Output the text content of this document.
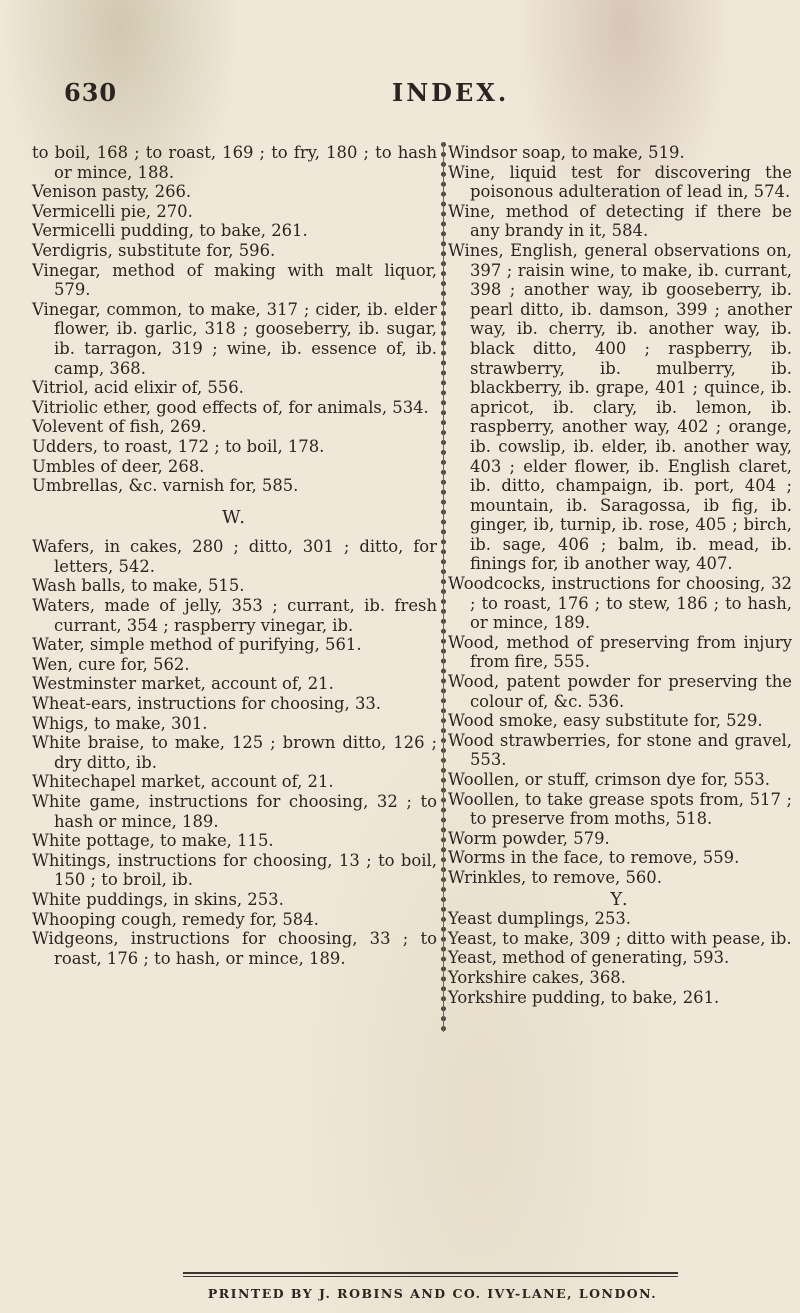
630	INDEX.

to boil, 168 ; to roast, 169 ; to fry, 180 ; to hash or mince, 188.

Venison pasty, 266.

Vermicelli pie, 270.

Vermicelli pudding, to bake, 261.

Verdigris, substitute for, 596.

Vinegar, method of making with malt liquor, 579.

Vinegar, common, to make, 317 ; cider, ib. elder flower, ib. garlic, 318 ; gooseberry, ib. sugar, ib. tarragon, 319 ; wine, ib. essence of, ib. camp, 368.

Vitriol, acid elixir of, 556.

Vitriolic ether, good effects of, for animals, 534.

Volevent of fish, 269.

Udders, to roast, 172 ; to boil, 178.

Umbles of deer, 268.

Umbrellas, &c. varnish for, 585.

W.

Wafers, in cakes, 280 ; ditto, 301 ; ditto, for letters, 542.

Wash balls, to make, 515.

Waters, made of jelly, 353 ; currant, ib. fresh currant, 354 ; raspberry vinegar, ib.

Water, simple method of purifying, 561.

Wen, cure for, 562.

Westminster market, account of, 21.

Wheat-ears, instructions for choosing, 33.

Whigs, to make, 301.

White braise, to make, 125 ; brown ditto, 126 ; dry ditto, ib.

Whitechapel market, account of, 21.

White game, instructions for choosing, 32 ; to hash or mince, 189.

White pottage, to make, 115.

Whitings, instructions for choosing, 13 ; to boil, 150 ; to broil, ib.

White puddings, in skins, 253.

Whooping cough, remedy for, 584.

Widgeons, instructions for choosing, 33 ; to roast, 176 ; to hash, or mince, 189.

Windsor soap, to make, 519.

Wine, liquid test for discovering the poisonous adulteration of lead in, 574.

Wine, method of detecting if there be any brandy in it, 584.

Wines, English, general observations on, 397 ; raisin wine, to make, ib. currant, 398 ; another way, ib gooseberry, ib. pearl ditto, ib. damson, 399 ; another way, ib. cherry, ib. another way, ib. black ditto, 400 ; raspberry, ib. strawberry, ib. mulberry, ib. blackberry, ib. grape, 401 ; quince, ib. apricot, ib. clary, ib. lemon, ib. raspberry, another way, 402 ; orange, ib. cowslip, ib. elder, ib. another way, 403 ; elder flower, ib. English claret, ib. ditto, champaign, ib. port, 404 ; mountain, ib. Saragossa, ib fig, ib. ginger, ib, turnip, ib. rose, 405 ; birch, ib. sage, 406 ; balm, ib. mead, ib. finings for, ib another way, 407.

Woodcocks, instructions for choosing, 32 ; to roast, 176 ; to stew, 186 ; to hash, or mince, 189.

Wood, method of preserving from injury from fire, 555.

Wood, patent powder for preserving the colour of, &c. 536.

Wood smoke, easy substitute for, 529.

Wood strawberries, for stone and gravel, 553.

Woollen, or stuff, crimson dye for, 553.

Woollen, to take grease spots from, 517 ; to preserve from moths, 518.

Worm powder, 579.

Worms in the face, to remove, 559.

Wrinkles, to remove, 560.

Y.

Yeast dumplings, 253.

Yeast, to make, 309 ; ditto with pease, ib.

Yeast, method of generating, 593.

Yorkshire cakes, 368.

Yorkshire pudding, to bake, 261.

PRINTED BY J. ROBINS AND CO. IVY-LANE, LONDON.
